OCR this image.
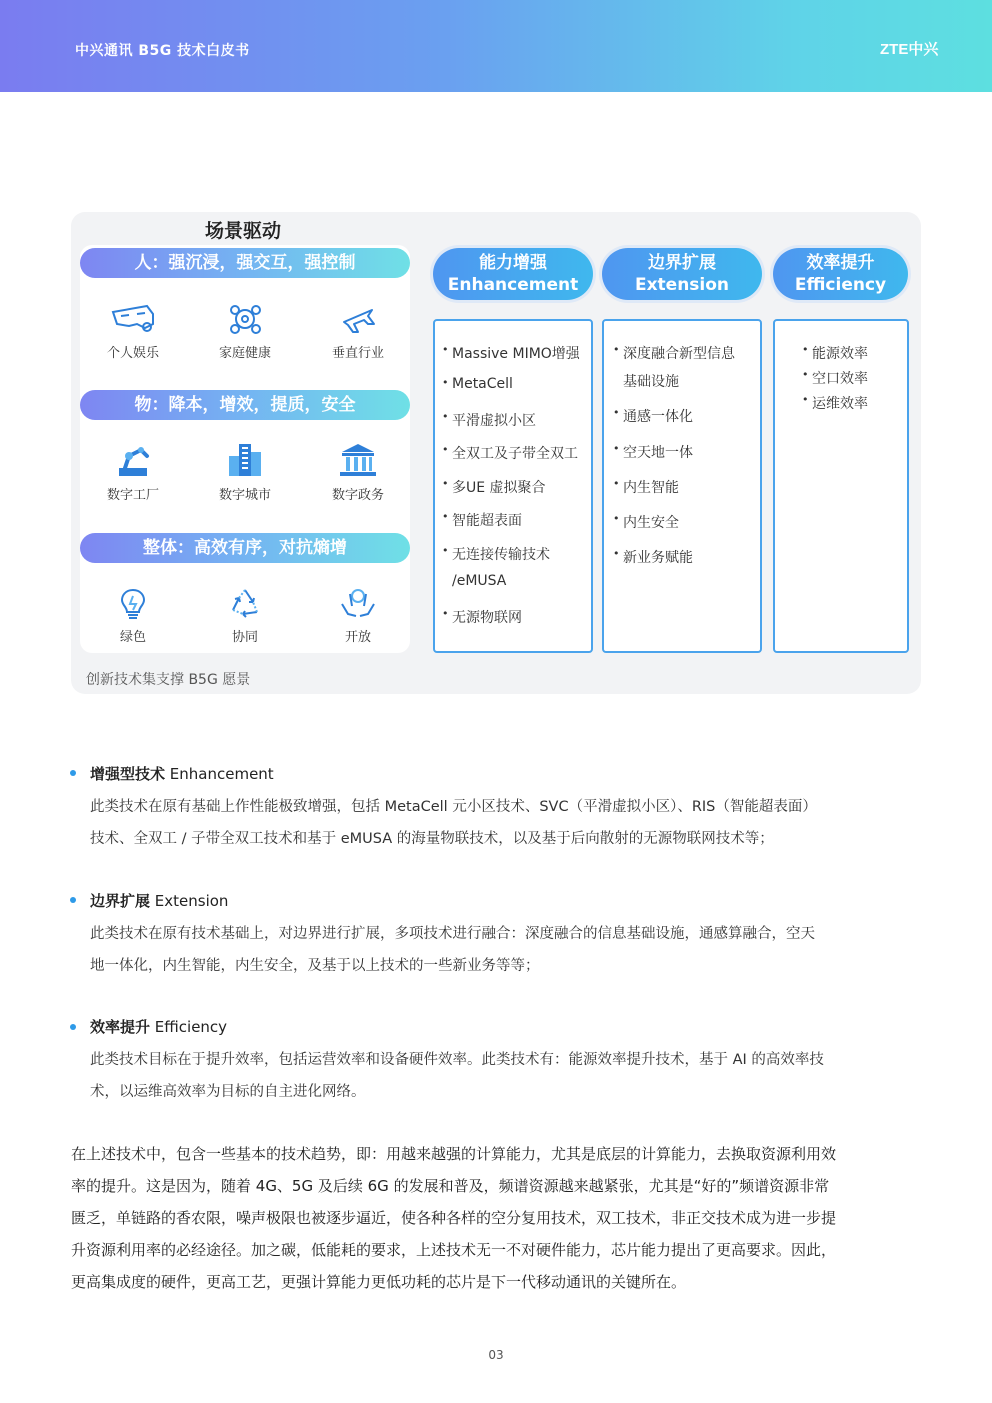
中兴通讯 B5G 技术白皮书	ZTE中兴
场景驱动
人：强沉浸，强交互，强控制
物：降本，增效，提质，安全
整体：高效有序，对抗熵增
个人娱乐	家庭健康	垂直行业
数字工厂	数字城市	数字政务
绿色	协同	开放
能力增强
Enhancement
边界扩展
Extension
效率提升
Efficiency
• Massive MIMO增强
• MetaCell
• 平滑虚拟小区
• 全双工及子带全双工
• 多UE 虚拟聚合
• 智能超表面
• 无连接传输技术
/eMUSA
• 无源物联网
• 深度融合新型信息
基础设施
• 通感一体化
• 空天地一体
• 内生智能
• 内生安全
• 新业务赋能
• 能源效率
• 空口效率
• 运维效率
创新技术集支撑 B5G 愿景
增强型技术 Enhancement
此类技术在原有基础上作性能极致增强，包括 MetaCell 元小区技术、SVC（平滑虚拟小区）、RIS（智能超表面）
技术、全双工 / 子带全双工技术和基于 eMUSA 的海量物联技术，以及基于后向散射的无源物联网技术等；
边界扩展 Extension
此类技术在原有技术基础上，对边界进行扩展，多项技术进行融合：深度融合的信息基础设施，通感算融合，空天
地一体化，内生智能，内生安全，及基于以上技术的一些新业务等等；
效率提升 Efficiency
此类技术目标在于提升效率，包括运营效率和设备硬件效率。此类技术有：能源效率提升技术，基于 AI 的高效率技
术，以运维高效率为目标的自主进化网络。
在上述技术中，包含一些基本的技术趋势，即：用越来越强的计算能力，尤其是底层的计算能力，去换取资源利用效
率的提升。这是因为，随着 4G、5G 及后续 6G 的发展和普及，频谱资源越来越紧张，尤其是“好的”频谱资源非常
匮乏，单链路的香农限，噪声极限也被逐步逼近，使各种各样的空分复用技术，双工技术，非正交技术成为进一步提
升资源利用率的必经途径。加之碳，低能耗的要求，上述技术无一不对硬件能力，芯片能力提出了更高要求。因此，
更高集成度的硬件，更高工艺，更强计算能力更低功耗的芯片是下一代移动通讯的关键所在。
03
